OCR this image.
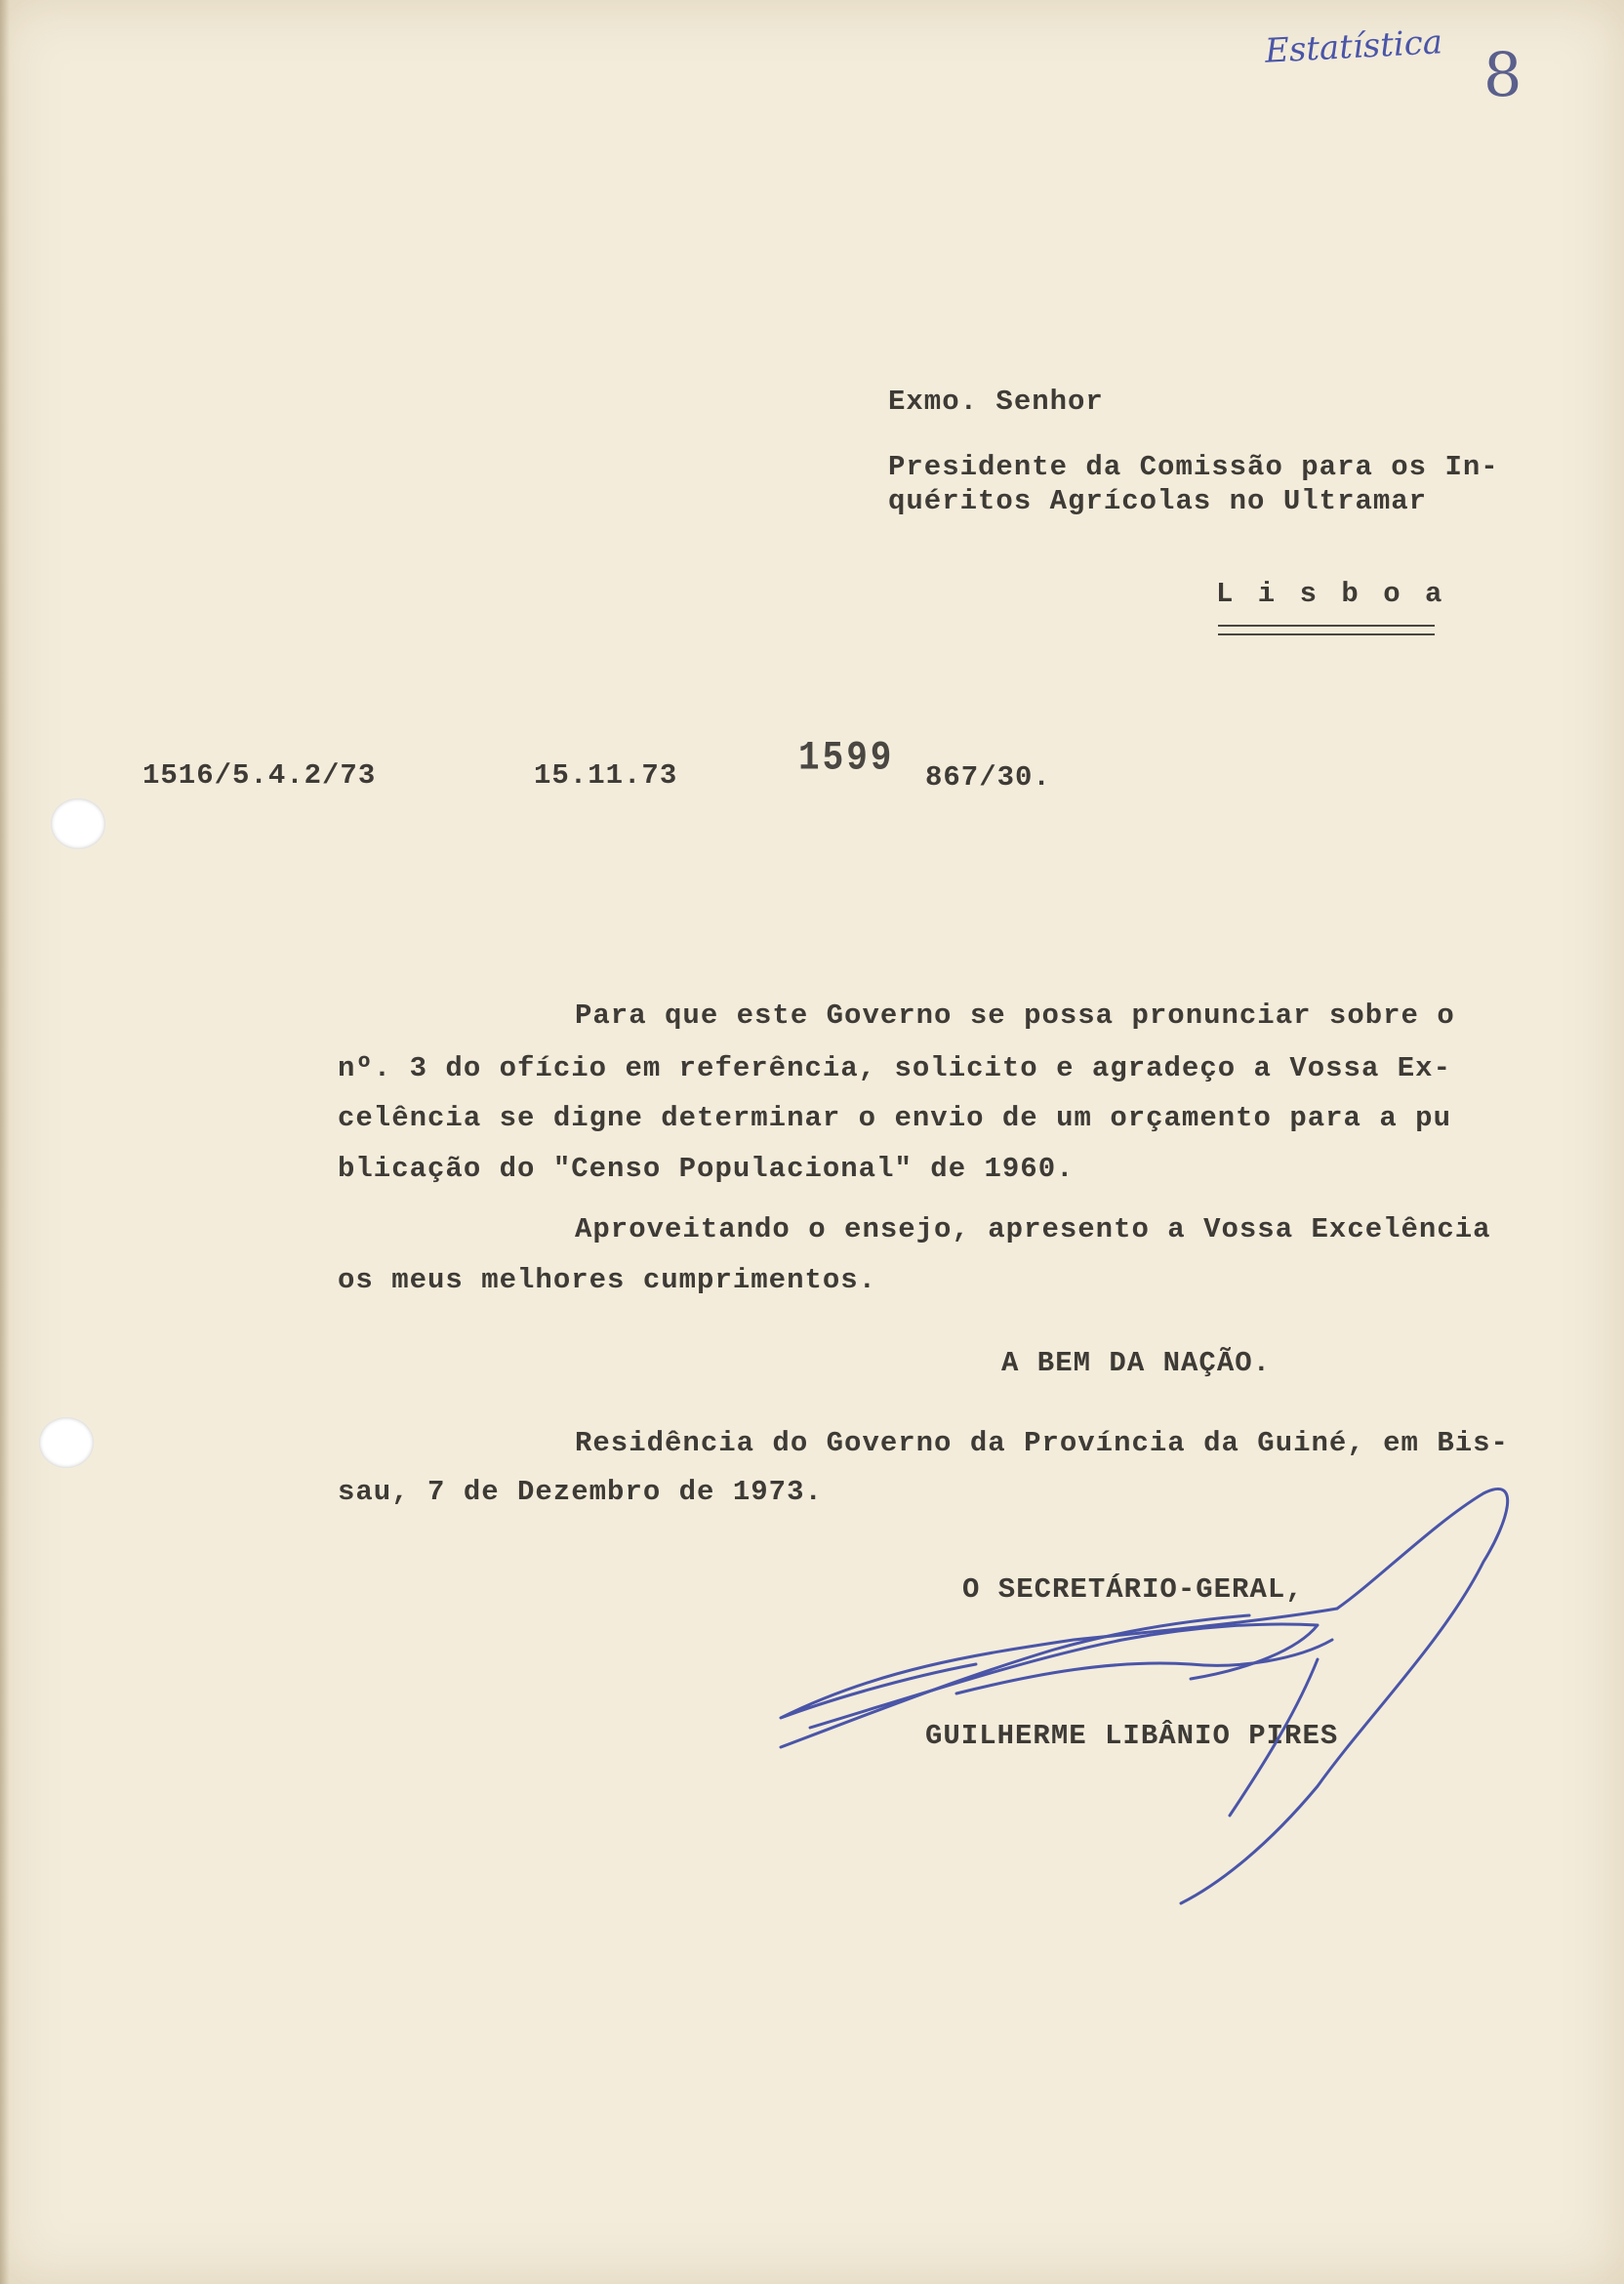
Estatística 8
Exmo. Senhor
Presidente da Comissão para os In-
quéritos Agrícolas no Ultramar
L i s b o a
1516/5.4.2/73	15.11.73	1599 867/30.
Para que este Governo se possa pronunciar sobre o
nº. 3 do ofício em referência, solicito e agradeço a Vossa Ex-
celência se digne determinar o envio de um orçamento para a pu
blicação do "Censo Populacional" de 1960.
Aproveitando o ensejo, apresento a Vossa Excelência
os meus melhores cumprimentos.
A BEM DA NAÇÃO.
Residência do Governo da Província da Guiné, em Bis-
sau, 7 de Dezembro de 1973.
O SECRETÁRIO-GERAL,
GUILHERME LIBÂNIO PIRES
